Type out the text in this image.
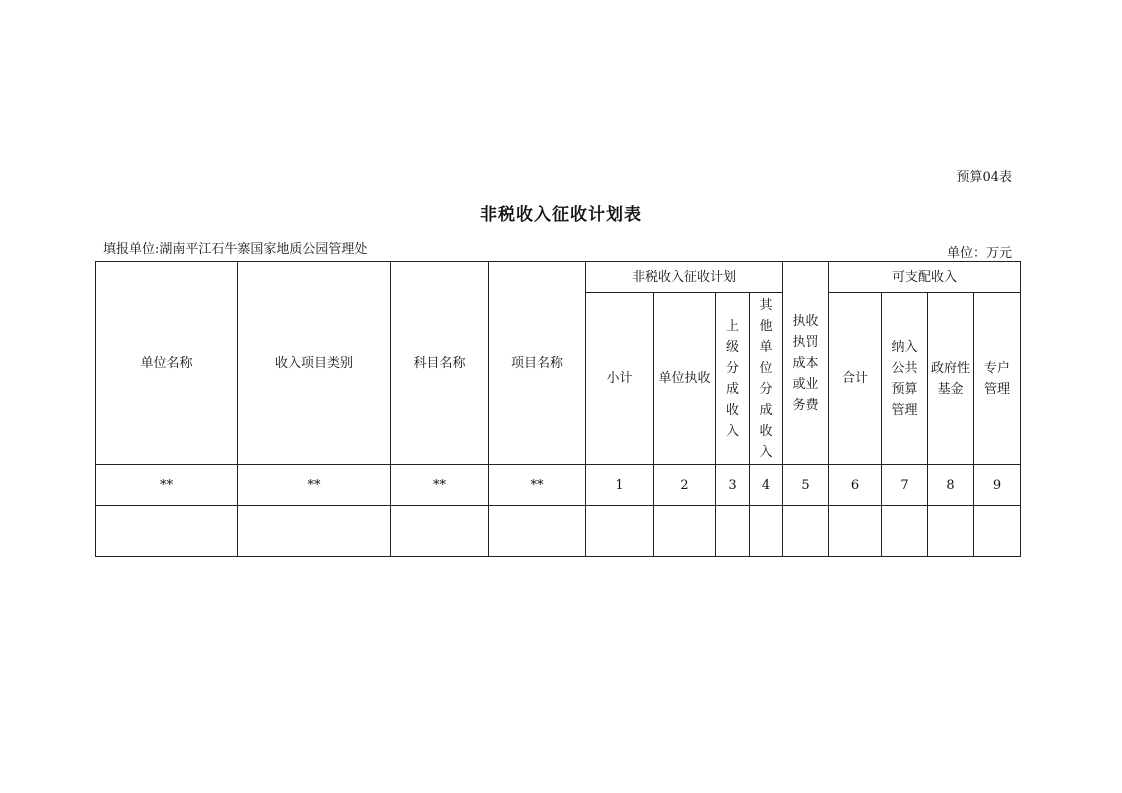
预算04表
非税收入征收计划表
填报单位:湖南平江石牛寨国家地质公园管理处	单位：万元
单位名称	收入项目类别	科目名称	项目名称	非税收入征收计划				执收执罚成本或业务费	可支配收入			
				小计	单位执收	上级分成收入	其他单位分成收入		合计	纳入公共预算管理	政府性基金	专户管理
**	**	**	**	1	2	3	4	5	6	7	8	9
